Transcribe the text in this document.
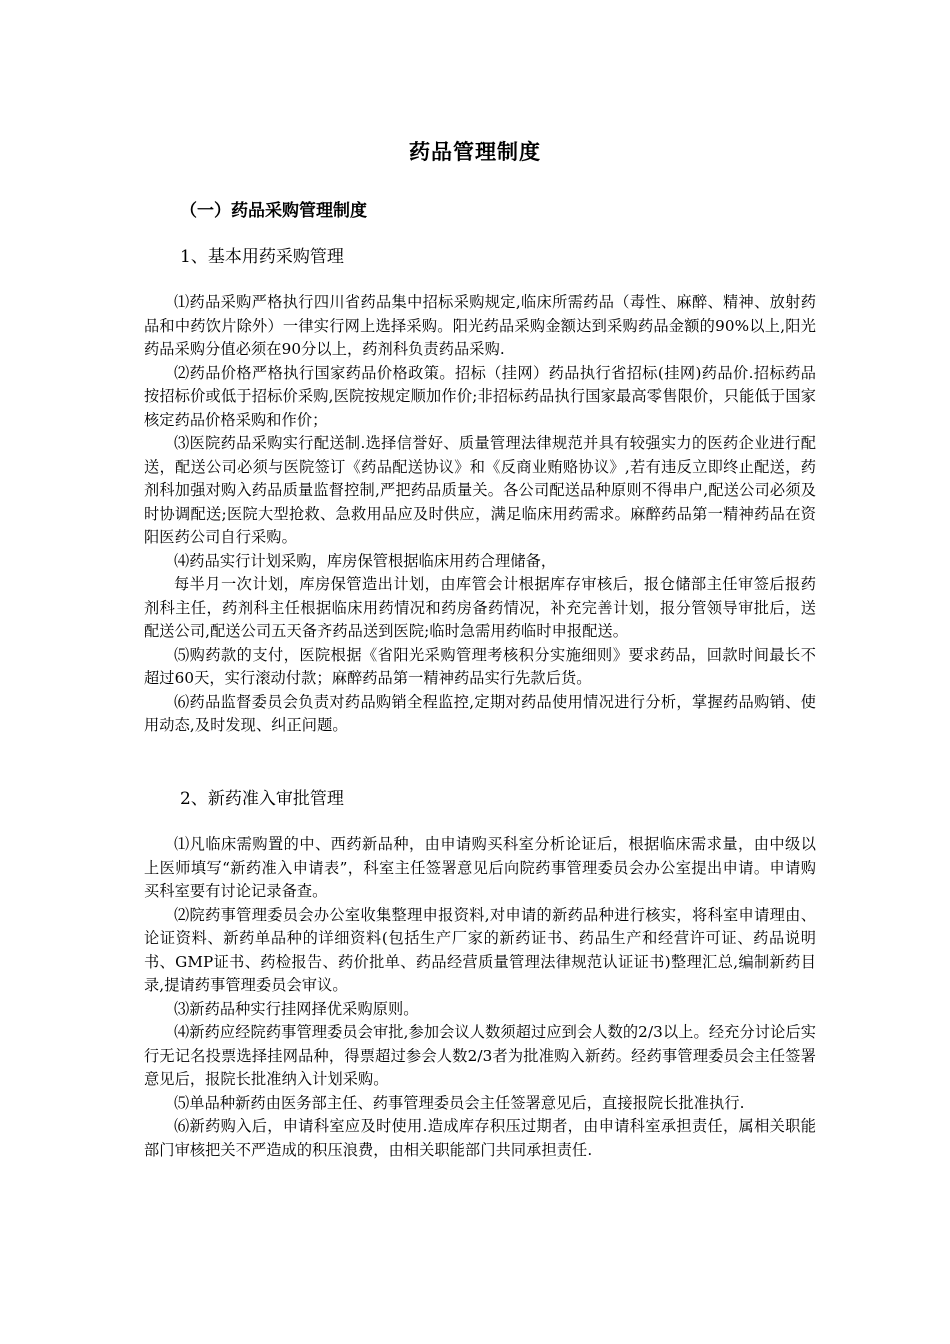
药品管理制度
（一）药品采购管理制度
1、基本用药采购管理

⑴药品采购严格执行四川省药品集中招标采购规定,临床所需药品（毒性、麻醉、精神、放射药品和中药饮片除外）一律实行网上选择采购。阳光药品采购金额达到采购药品金额的90%以上,阳光药品采购分值必须在90分以上，药剂科负责药品采购.

⑵药品价格严格执行国家药品价格政策。招标（挂网）药品执行省招标(挂网)药品价.招标药品按招标价或低于招标价采购,医院按规定顺加作价;非招标药品执行国家最高零售限价，只能低于国家核定药品价格采购和作价；

⑶医院药品采购实行配送制.选择信誉好、质量管理法律规范并具有较强实力的医药企业进行配送，配送公司必须与医院签订《药品配送协议》和《反商业贿赂协议》,若有违反立即终止配送，药剂科加强对购入药品质量监督控制,严把药品质量关。各公司配送品种原则不得串户,配送公司必须及时协调配送;医院大型抢救、急救用品应及时供应，满足临床用药需求。麻醉药品第一精神药品在资阳医药公司自行采购。

⑷药品实行计划采购，库房保管根据临床用药合理储备，

每半月一次计划，库房保管造出计划，由库管会计根据库存审核后，报仓储部主任审签后报药剂科主任，药剂科主任根据临床用药情况和药房备药情况，补充完善计划，报分管领导审批后，送配送公司,配送公司五天备齐药品送到医院;临时急需用药临时申报配送。

⑸购药款的支付，医院根据《省阳光采购管理考核积分实施细则》要求药品，回款时间最长不超过60天，实行滚动付款；麻醉药品第一精神药品实行先款后货。

⑹药品监督委员会负责对药品购销全程监控,定期对药品使用情况进行分析，掌握药品购销、使用动态,及时发现、纠正问题。

2、新药准入审批管理

⑴凡临床需购置的中、西药新品种，由申请购买科室分析论证后，根据临床需求量，由中级以上医师填写“新药准入申请表”，科室主任签署意见后向院药事管理委员会办公室提出申请。申请购买科室要有讨论记录备查。

⑵院药事管理委员会办公室收集整理申报资料,对申请的新药品种进行核实，将科室申请理由、论证资料、新药单品种的详细资料(包括生产厂家的新药证书、药品生产和经营许可证、药品说明书、GMP证书、药检报告、药价批单、药品经营质量管理法律规范认证证书)整理汇总,编制新药目录,提请药事管理委员会审议。

⑶新药品种实行挂网择优采购原则。

⑷新药应经院药事管理委员会审批,参加会议人数须超过应到会人数的2/3以上。经充分讨论后实行无记名投票选择挂网品种，得票超过参会人数2/3者为批准购入新药。经药事管理委员会主任签署意见后，报院长批准纳入计划采购。

⑸单品种新药由医务部主任、药事管理委员会主任签署意见后，直接报院长批准执行.

⑹新药购入后，申请科室应及时使用.造成库存积压过期者，由申请科室承担责任，属相关职能部门审核把关不严造成的积压浪费，由相关职能部门共同承担责任.
